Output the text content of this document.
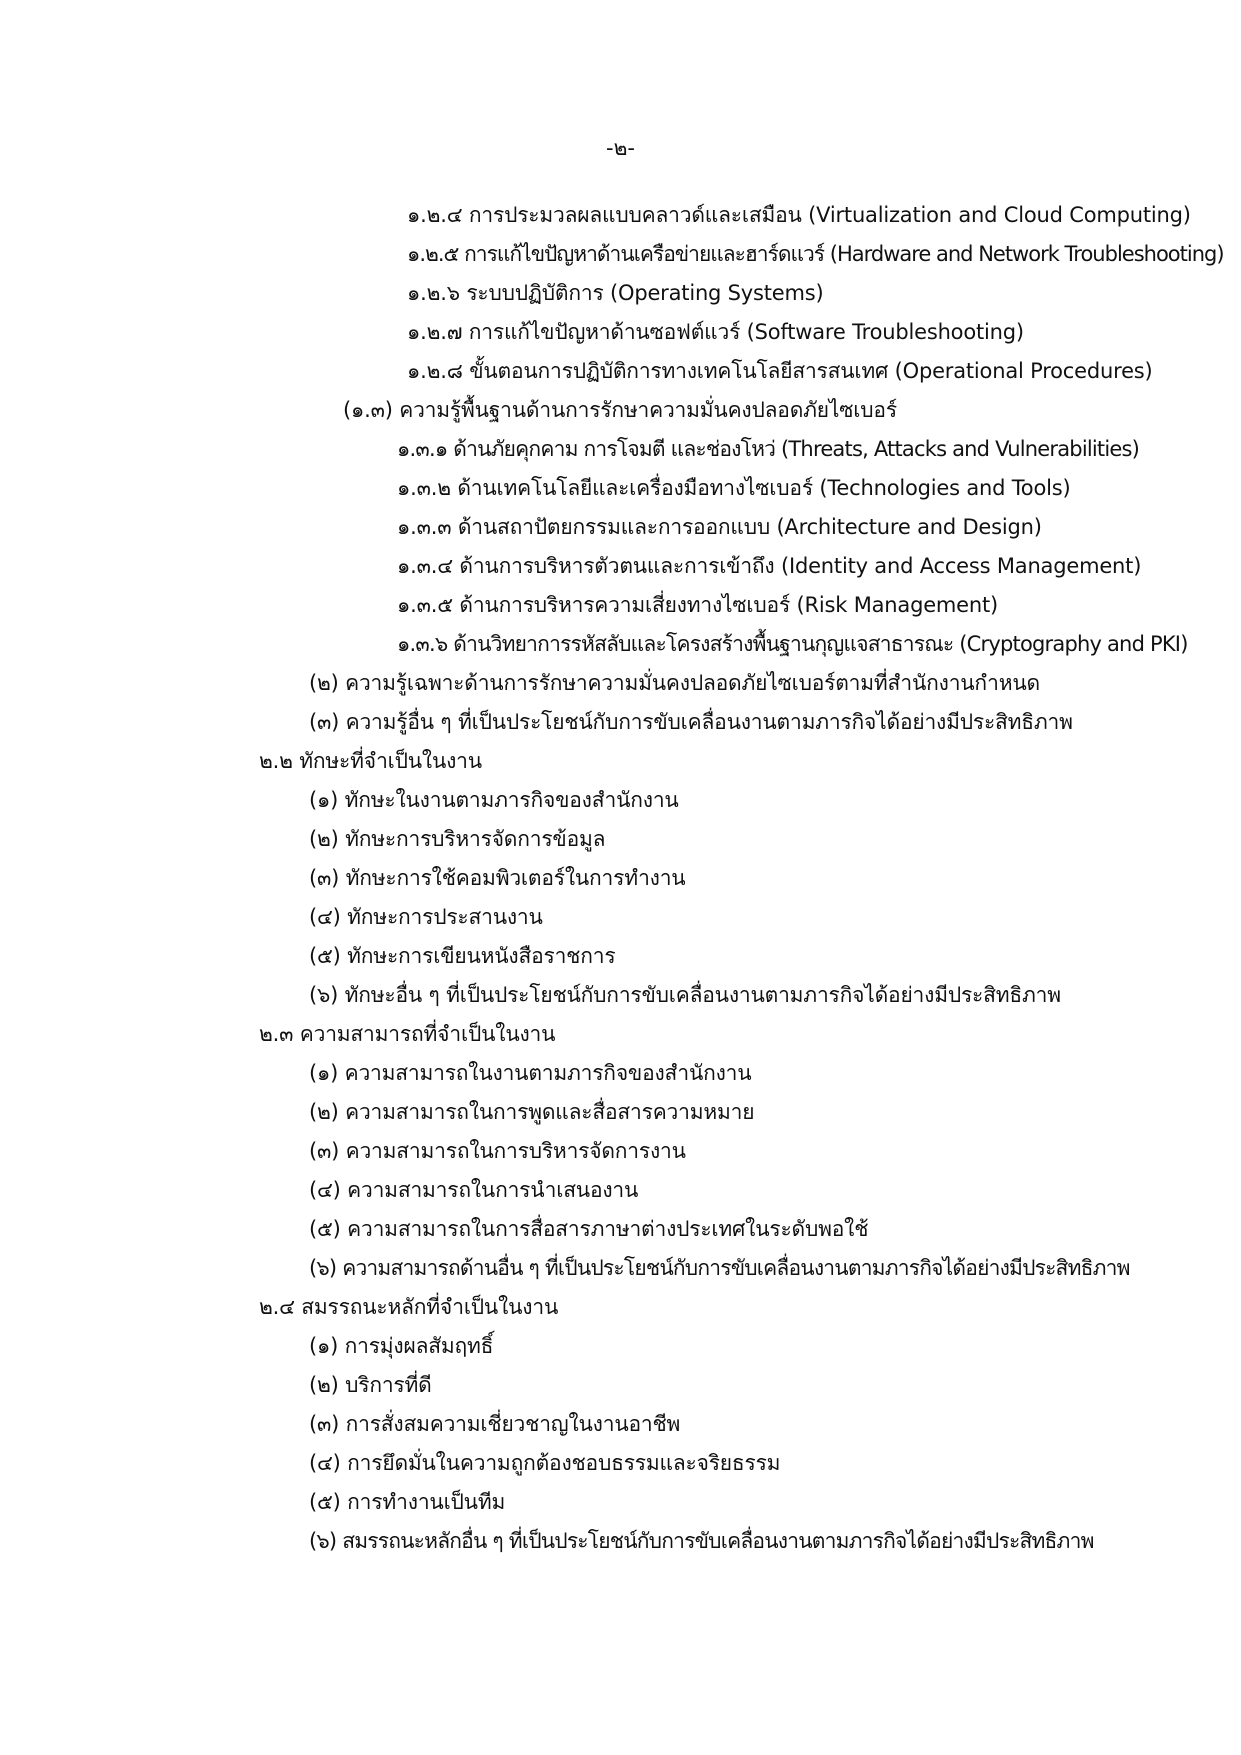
-๒-
๑.๒.๔ การประมวลผลแบบคลาวด์และเสมือน (Virtualization and Cloud Computing)
๑.๒.๕ การแก้ไขปัญหาด้านเครือข่ายและฮาร์ดแวร์ (Hardware and Network Troubleshooting)
๑.๒.๖ ระบบปฏิบัติการ (Operating Systems)
๑.๒.๗ การแก้ไขปัญหาด้านซอฟต์แวร์ (Software Troubleshooting)
๑.๒.๘ ขั้นตอนการปฏิบัติการทางเทคโนโลยีสารสนเทศ (Operational Procedures)
(๑.๓) ความรู้พื้นฐานด้านการรักษาความมั่นคงปลอดภัยไซเบอร์
๑.๓.๑ ด้านภัยคุกคาม การโจมตี และช่องโหว่ (Threats, Attacks and Vulnerabilities)
๑.๓.๒ ด้านเทคโนโลยีและเครื่องมือทางไซเบอร์ (Technologies and Tools)
๑.๓.๓ ด้านสถาปัตยกรรมและการออกแบบ (Architecture and Design)
๑.๓.๔ ด้านการบริหารตัวตนและการเข้าถึง (Identity and Access Management)
๑.๓.๕ ด้านการบริหารความเสี่ยงทางไซเบอร์ (Risk Management)
๑.๓.๖ ด้านวิทยาการรหัสลับและโครงสร้างพื้นฐานกุญแจสาธารณะ (Cryptography and PKI)
(๒) ความรู้เฉพาะด้านการรักษาความมั่นคงปลอดภัยไซเบอร์ตามที่สำนักงานกำหนด
(๓) ความรู้อื่น ๆ ที่เป็นประโยชน์กับการขับเคลื่อนงานตามภารกิจได้อย่างมีประสิทธิภาพ
๒.๒ ทักษะที่จำเป็นในงาน
(๑) ทักษะในงานตามภารกิจของสำนักงาน
(๒) ทักษะการบริหารจัดการข้อมูล
(๓) ทักษะการใช้คอมพิวเตอร์ในการทำงาน
(๔) ทักษะการประสานงาน
(๕) ทักษะการเขียนหนังสือราชการ
(๖) ทักษะอื่น ๆ ที่เป็นประโยชน์กับการขับเคลื่อนงานตามภารกิจได้อย่างมีประสิทธิภาพ
๒.๓ ความสามารถที่จำเป็นในงาน
(๑) ความสามารถในงานตามภารกิจของสำนักงาน
(๒) ความสามารถในการพูดและสื่อสารความหมาย
(๓) ความสามารถในการบริหารจัดการงาน
(๔) ความสามารถในการนำเสนองาน
(๕) ความสามารถในการสื่อสารภาษาต่างประเทศในระดับพอใช้
(๖) ความสามารถด้านอื่น ๆ ที่เป็นประโยชน์กับการขับเคลื่อนงานตามภารกิจได้อย่างมีประสิทธิภาพ
๒.๔ สมรรถนะหลักที่จำเป็นในงาน
(๑) การมุ่งผลสัมฤทธิ์
(๒) บริการที่ดี
(๓) การสั่งสมความเชี่ยวชาญในงานอาชีพ
(๔) การยึดมั่นในความถูกต้องชอบธรรมและจริยธรรม
(๕) การทำงานเป็นทีม
(๖) สมรรถนะหลักอื่น ๆ ที่เป็นประโยชน์กับการขับเคลื่อนงานตามภารกิจได้อย่างมีประสิทธิภาพ
